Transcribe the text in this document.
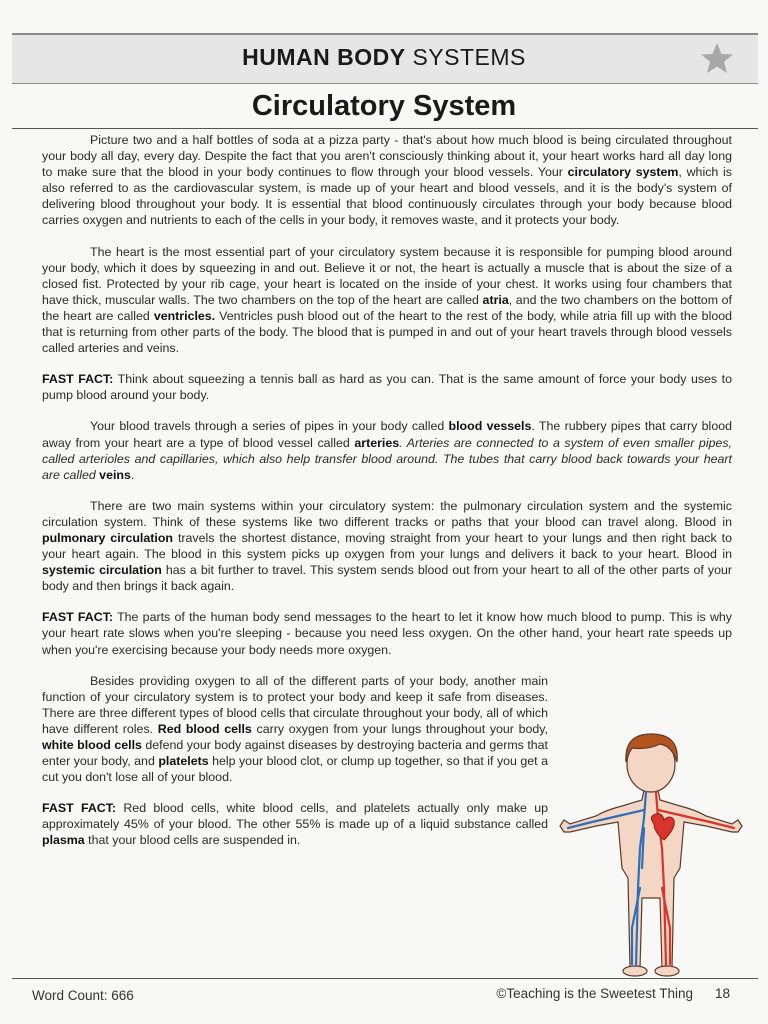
HUMAN BODY SYSTEMS
Circulatory System

Picture two and a half bottles of soda at a pizza party - that's about how much blood is being circulated throughout your body all day, every day. Despite the fact that you aren't consciously thinking about it, your heart works hard all day long to make sure that the blood in your body continues to flow through your blood vessels. Your circulatory system, which is also referred to as the cardiovascular system, is made up of your heart and blood vessels, and it is the body's system of delivering blood throughout your body. It is essential that blood continuously circulates through your body because blood carries oxygen and nutrients to each of the cells in your body, it removes waste, and it protects your body.

The heart is the most essential part of your circulatory system because it is responsible for pumping blood around your body, which it does by squeezing in and out. Believe it or not, the heart is actually a muscle that is about the size of a closed fist. Protected by your rib cage, your heart is located on the inside of your chest. It works using four chambers that have thick, muscular walls. The two chambers on the top of the heart are called atria, and the two chambers on the bottom of the heart are called ventricles. Ventricles push blood out of the heart to the rest of the body, while atria fill up with the blood that is returning from other parts of the body. The blood that is pumped in and out of your heart travels through blood vessels called arteries and veins.

FAST FACT: Think about squeezing a tennis ball as hard as you can. That is the same amount of force your body uses to pump blood around your body.

Your blood travels through a series of pipes in your body called blood vessels. The rubbery pipes that carry blood away from your heart are a type of blood vessel called arteries. Arteries are connected to a system of even smaller pipes, called arterioles and capillaries, which also help transfer blood around. The tubes that carry blood back towards your heart are called veins.

There are two main systems within your circulatory system: the pulmonary circulation system and the systemic circulation system. Think of these systems like two different tracks or paths that your blood can travel along. Blood in pulmonary circulation travels the shortest distance, moving straight from your heart to your lungs and then right back to your heart again. The blood in this system picks up oxygen from your lungs and delivers it back to your heart. Blood in systemic circulation has a bit further to travel. This system sends blood out from your heart to all of the other parts of your body and then brings it back again.

FAST FACT: The parts of the human body send messages to the heart to let it know how much blood to pump. This is why your heart rate slows when you're sleeping - because you need less oxygen. On the other hand, your heart rate speeds up when you're exercising because your body needs more oxygen.

Besides providing oxygen to all of the different parts of your body, another main function of your circulatory system is to protect your body and keep it safe from diseases. There are three different types of blood cells that circulate throughout your body, all of which have different roles. Red blood cells carry oxygen from your lungs throughout your body, white blood cells defend your body against diseases by destroying bacteria and germs that enter your body, and platelets help your blood clot, or clump up together, so that if you get a cut you don't lose all of your blood.

FAST FACT: Red blood cells, white blood cells, and platelets actually only make up approximately 45% of your blood. The other 55% is made up of a liquid substance called plasma that your blood cells are suspended in.

Word Count: 666	©Teaching is the Sweetest Thing 18
